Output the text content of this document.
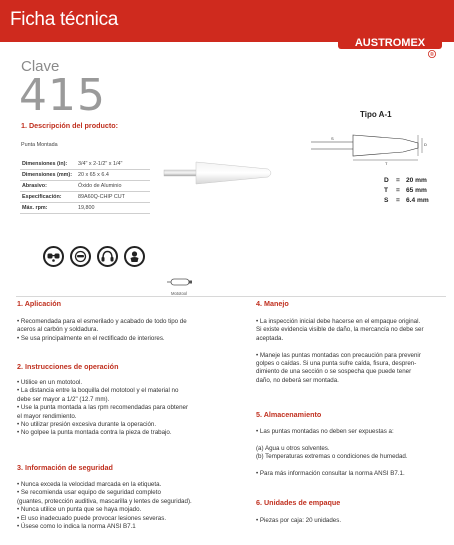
Ficha técnica
AUSTROMEX
®
Clave
415
1. Descripción del producto:
Punta Montada
Dimensiones (in): 3/4" x 2-1/2" x 1/4"
Dimensiones (mm): 20 x 65 x 6.4
Abrasivo:	Óxido de Aluminio
Especificación:	89A60Q-CHIP CUT
Máx. rpm:	19,800
Tipo A-1
D
T
S
D	= 20 mm
T	= 65 mm
S	= 6.4 mm
Mototool
1. Aplicación

• Recomendada para el esmerilado y acabado de todo tipo de

aceros al carbón y soldadura.

• Se usa principalmente en el rectificado de interiores.

2. Instrucciones de operación

• Utilice en un mototool.

• La distancia entre la boquilla del mototool y el material no

debe ser mayor a 1/2" (12.7 mm).

• Use la punta montada a las rpm recomendadas para obtener

el mayor rendimiento.

• No utilizar presión excesiva durante la operación.

• No golpee la punta montada contra la pieza de trabajo.

3. Información de seguridad

• Nunca exceda la velocidad marcada en la etiqueta.

• Se recomienda usar equipo de seguridad completo

(guantes, protección auditiva, mascarilla y lentes de seguridad).

• Nunca utilice un punta que se haya mojado.

• El uso inadecuado puede provocar lesiones severas.

• Úsese como lo indica la norma ANSI B7.1

4. Manejo

• La inspección inicial debe hacerse en el empaque original.

Si existe evidencia visible de daño, la mercancía no debe ser

aceptada.

• Maneje las puntas montadas con precaución para prevenir

golpes o caídas. Si una punta sufre caída, fisura, despren-

dimiento de una sección o se sospecha que puede tener

daño, no deberá ser montada.

5. Almacenamiento

• Las puntas montadas no deben ser expuestas a:

(a) Agua u otros solventes.

(b) Temperaturas extremas o condiciones de humedad.

• Para más información consultar la norma ANSI B7.1.

6. Unidades de empaque

• Piezas por caja: 20 unidades.
